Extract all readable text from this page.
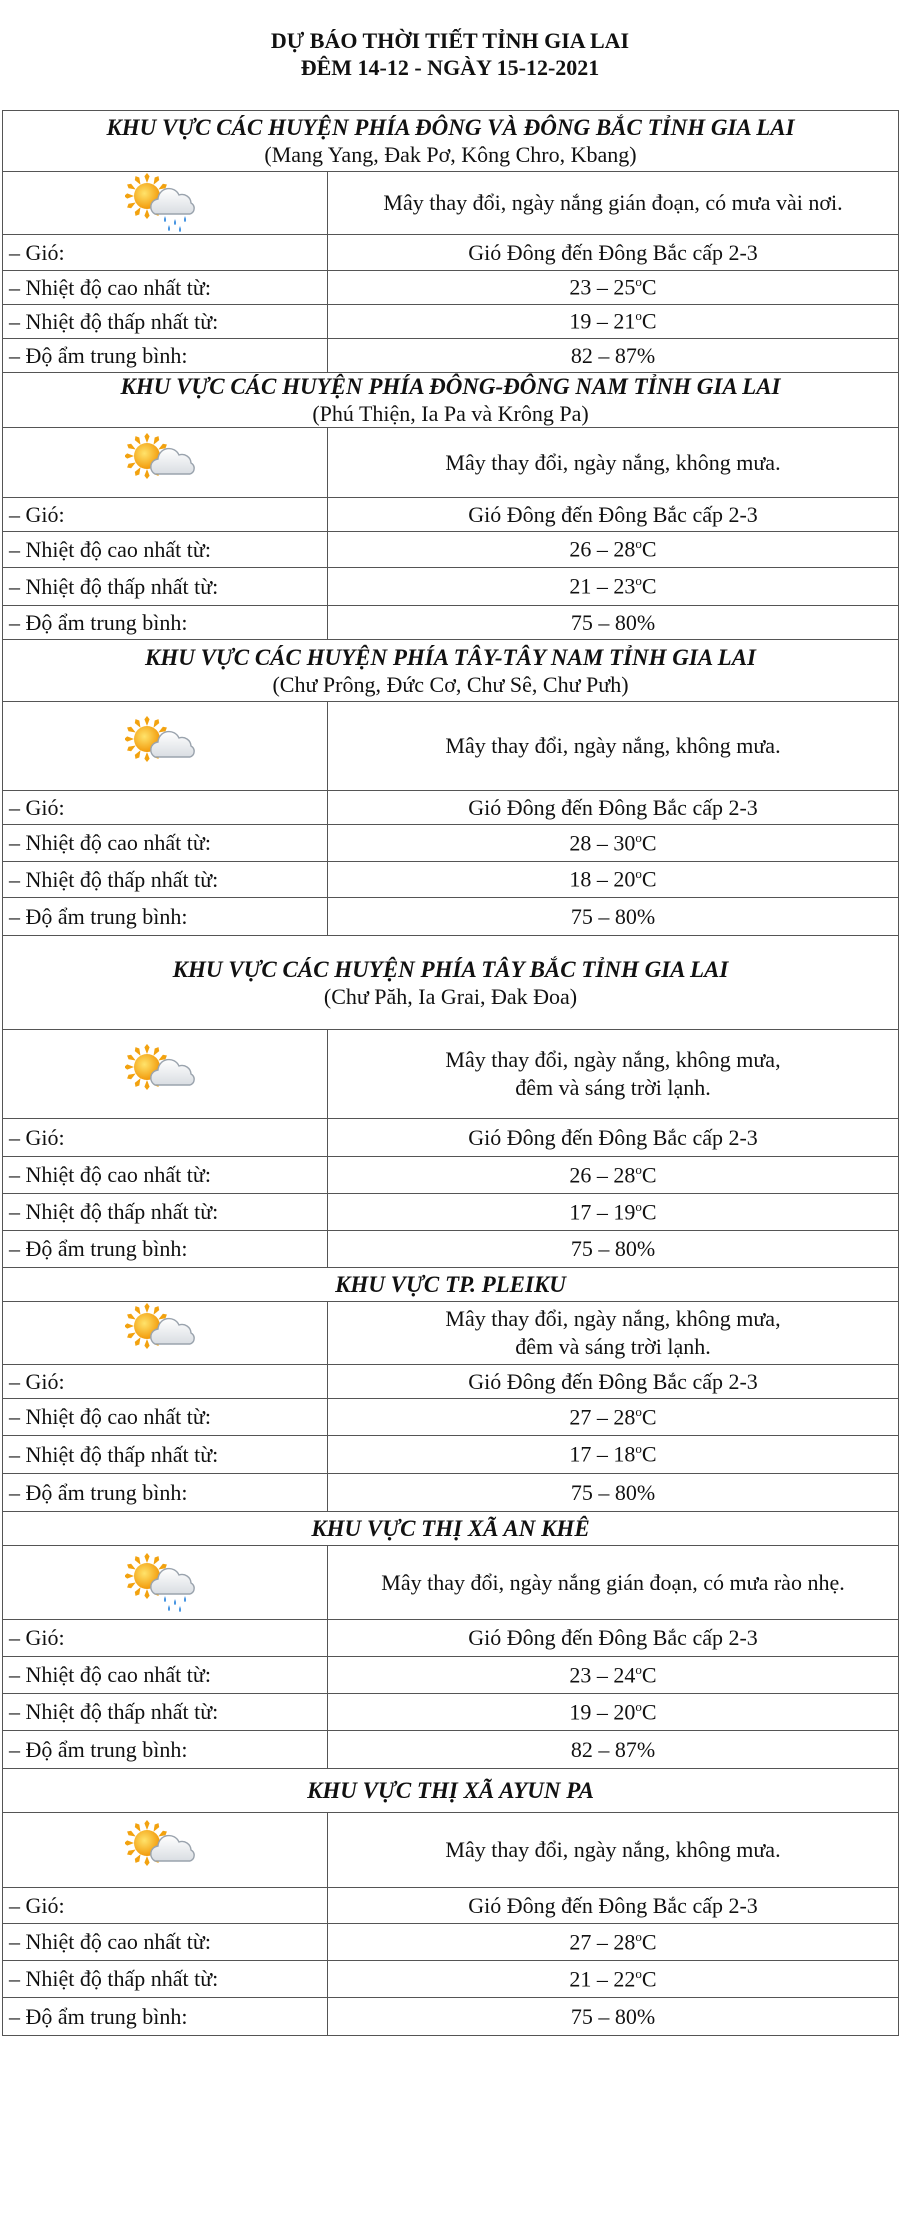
DỰ BÁO THỜI TIẾT TỈNH GIA LAI
ĐÊM 14-12 - NGÀY 15-12-2021
KHU VỰC CÁC HUYỆN PHÍA ĐÔNG VÀ ĐÔNG BẮC TỈNH GIA LAI
(Mang Yang, Đak Pơ, Kông Chro, Kbang)	

Mây thay đổi, ngày nắng gián đoạn, có mưa vài nơi.

– Gió:	Gió Đông đến Đông Bắc cấp 2-3
– Nhiệt độ cao nhất từ:	23 – 25$^o$C
– Nhiệt độ thấp nhất từ:	19 – 21$^o$C
– Độ ẩm trung bình:	82 – 87%

KHU VỰC CÁC HUYỆN PHÍA ĐÔNG-ĐÔNG NAM TỈNH GIA LAI
(Phú Thiện, Ia Pa và Krông Pa)	

Mây thay đổi, ngày nắng, không mưa.

– Gió:	Gió Đông đến Đông Bắc cấp 2-3
– Nhiệt độ cao nhất từ:	26 – 28$^o$C
– Nhiệt độ thấp nhất từ:	21 – 23$^o$C
– Độ ẩm trung bình:	75 – 80%

KHU VỰC CÁC HUYỆN PHÍA TÂY-TÂY NAM TỈNH GIA LAI
(Chư Prông, Đức Cơ, Chư Sê, Chư Pưh)	

Mây thay đổi, ngày nắng, không mưa.

– Gió:	Gió Đông đến Đông Bắc cấp 2-3
– Nhiệt độ cao nhất từ:	28 – 30$^o$C
– Nhiệt độ thấp nhất từ:	18 – 20$^o$C
– Độ ẩm trung bình:	75 – 80%

KHU VỰC CÁC HUYỆN PHÍA TÂY BẮC TỈNH GIA LAI
(Chư Păh, Ia Grai, Đak Đoa)	

Mây thay đổi, ngày nắng, không mưa,
đêm và sáng trời lạnh.

– Gió:	Gió Đông đến Đông Bắc cấp 2-3
– Nhiệt độ cao nhất từ:	26 – 28$^o$C
– Nhiệt độ thấp nhất từ:	17 – 19$^o$C
– Độ ẩm trung bình:	75 – 80%

KHU VỰC TP. PLEIKU	

Mây thay đổi, ngày nắng, không mưa,
đêm và sáng trời lạnh.

– Gió:	Gió Đông đến Đông Bắc cấp 2-3
– Nhiệt độ cao nhất từ:	27 – 28$^o$C
– Nhiệt độ thấp nhất từ:	17 – 18$^o$C
– Độ ẩm trung bình:	75 – 80%

KHU VỰC THỊ XÃ AN KHÊ	

Mây thay đổi, ngày nắng gián đoạn, có mưa rào nhẹ.

– Gió:	Gió Đông đến Đông Bắc cấp 2-3
– Nhiệt độ cao nhất từ:	23 – 24$^o$C
– Nhiệt độ thấp nhất từ:	19 – 20$^o$C
– Độ ẩm trung bình:	82 – 87%

KHU VỰC THỊ XÃ AYUN PA	

Mây thay đổi, ngày nắng, không mưa.

– Gió:	Gió Đông đến Đông Bắc cấp 2-3
– Nhiệt độ cao nhất từ:	27 – 28$^o$C
– Nhiệt độ thấp nhất từ:	21 – 22$^o$C
– Độ ẩm trung bình:	75 – 80%
